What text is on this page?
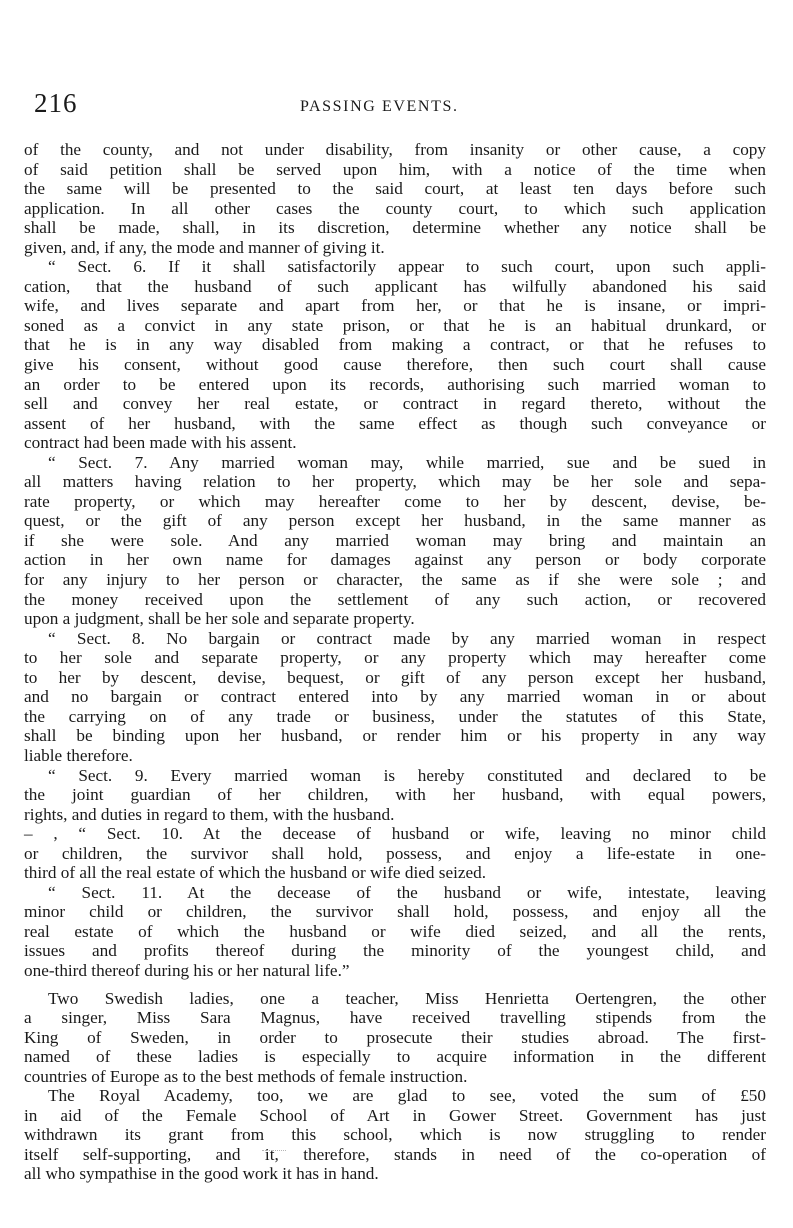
216	PASSING EVENTS.
of the county, and not under disability, from insanity or other cause, a copy
of said petition shall be served upon him, with a notice of the time when
the same will be presented to the said court, at least ten days before such
application. In all other cases the county court, to which such application
shall be made, shall, in its discretion, determine whether any notice shall be
given, and, if any, the mode and manner of giving it.
“ Sect. 6. If it shall satisfactorily appear to such court, upon such appli-
cation, that the husband of such applicant has wilfully abandoned his said
wife, and lives separate and apart from her, or that he is insane, or impri-
soned as a convict in any state prison, or that he is an habitual drunkard, or
that he is in any way disabled from making a contract, or that he refuses to
give his consent, without good cause therefore, then such court shall cause
an order to be entered upon its records, authorising such married woman to
sell and convey her real estate, or contract in regard thereto, without the
assent of her husband, with the same effect as though such conveyance or
contract had been made with his assent.
“ Sect. 7. Any married woman may, while married, sue and be sued in
all matters having relation to her property, which may be her sole and sepa-
rate property, or which may hereafter come to her by descent, devise, be-
quest, or the gift of any person except her husband, in the same manner as
if she were sole. And any married woman may bring and maintain an
action in her own name for damages against any person or body corporate
for any injury to her person or character, the same as if she were sole ; and
the money received upon the settlement of any such action, or recovered
upon a judgment, shall be her sole and separate property.
“ Sect. 8. No bargain or contract made by any married woman in respect
to her sole and separate property, or any property which may hereafter come
to her by descent, devise, bequest, or gift of any person except her husband,
and no bargain or contract entered into by any married woman in or about
the carrying on of any trade or business, under the statutes of this State,
shall be binding upon her husband, or render him or his property in any way
liable therefore.
“ Sect. 9. Every married woman is hereby constituted and declared to be
the joint guardian of her children, with her husband, with equal powers,
rights, and duties in regard to them, with the husband.
– , “ Sect. 10. At the decease of husband or wife, leaving no minor child
or children, the survivor shall hold, possess, and enjoy a life-estate in one-
third of all the real estate of which the husband or wife died seized.
“ Sect. 11. At the decease of the husband or wife, intestate, leaving
minor child or children, the survivor shall hold, possess, and enjoy all the
real estate of which the husband or wife died seized, and all the rents,
issues and profits thereof during the minority of the youngest child, and
one-third thereof during his or her natural life.”
Two Swedish ladies, one a teacher, Miss Henrietta Oertengren, the other
a singer, Miss Sara Magnus, have received travelling stipends from the
King of Sweden, in order to prosecute their studies abroad. The first-
named of these ladies is especially to acquire information in the different
countries of Europe as to the best methods of female instruction.
The Royal Academy, too, we are glad to see, voted the sum of £50
in aid of the Female School of Art in Gower Street. Government has just
withdrawn its grant from this school, which is now struggling to render
itself self-supporting, and it, therefore, stands in need of the co-operation of
all who sympathise in the good work it has in hand.
